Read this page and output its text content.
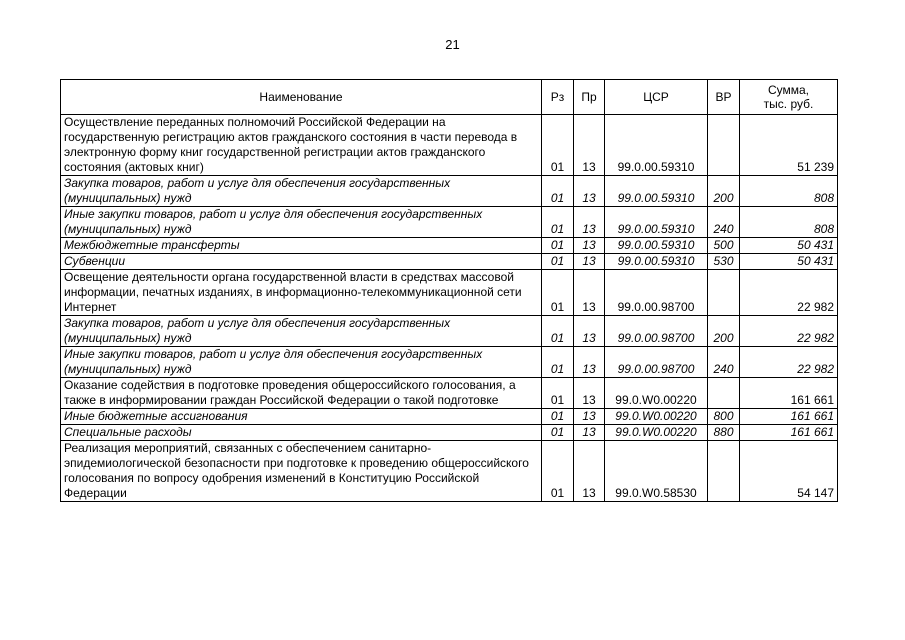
21
Наименование	Рз	Пр	ЦСР	ВР	Сумма,
тыс. руб.
Осуществление переданных полномочий Российской Федерации на государственную регистрацию актов гражданского состояния в части перевода в электронную форму книг государственной регистрации актов гражданского состояния (актовых книг)	01	13	99.0.00.59310		51 239
Закупка товаров, работ и услуг для обеспечения государственных (муниципальных) нужд	01	13	99.0.00.59310	200	808
Иные закупки товаров, работ и услуг для обеспечения государственных (муниципальных) нужд	01	13	99.0.00.59310	240	808
Межбюджетные трансферты	01	13	99.0.00.59310	500	50 431
Субвенции	01	13	99.0.00.59310	530	50 431
Освещение деятельности органа государственной власти в средствах массовой информации, печатных изданиях, в информационно-телекоммуникационной сети Интернет	01	13	99.0.00.98700		22 982
Закупка товаров, работ и услуг для обеспечения государственных (муниципальных) нужд	01	13	99.0.00.98700	200	22 982
Иные закупки товаров, работ и услуг для обеспечения государственных (муниципальных) нужд	01	13	99.0.00.98700	240	22 982
Оказание содействия в подготовке проведения общероссийского голосования, а также в информировании граждан Российской Федерации о такой подготовке	01	13	99.0.W0.00220		161 661
Иные бюджетные ассигнования	01	13	99.0.W0.00220	800	161 661
Специальные расходы	01	13	99.0.W0.00220	880	161 661
Реализация мероприятий, связанных с обеспечением санитарно-эпидемиологической безопасности при подготовке к проведению общероссийского голосования по вопросу одобрения изменений в Конституцию Российской Федерации	01	13	99.0.W0.58530		54 147
